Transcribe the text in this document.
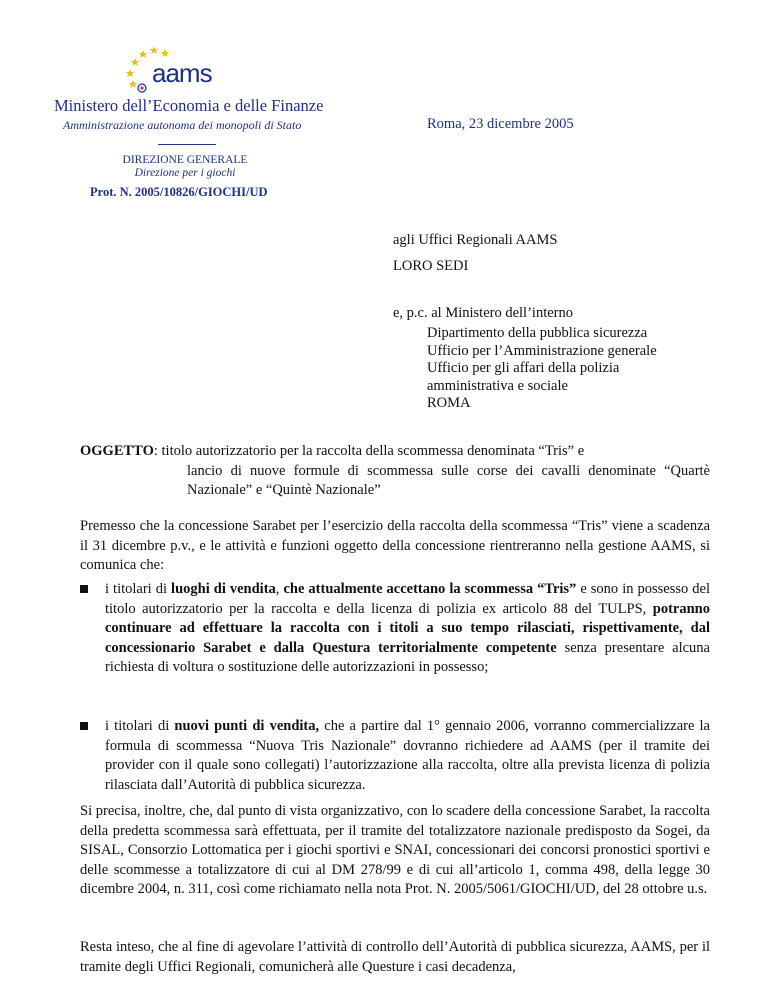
aams
Ministero dell’Economia e delle Finanze
Amministrazione autonoma dei monopoli di Stato	Roma, 23 dicembre 2005
DIREZIONE GENERALE
Direzione per i giochi
Prot. N. 2005/10826/GIOCHI/UD
agli Uffici Regionali AAMS
LORO SEDI
e, p.c. al Ministero dell’interno
Dipartimento della pubblica sicurezza
Ufficio per l’Amministrazione generale
Ufficio per gli affari della polizia
amministrativa e sociale
ROMA
OGGETTO: titolo autorizzatorio per la raccolta della scommessa denominata “Tris” e
lancio di nuove formule di scommessa sulle corse dei cavalli denominate “Quartè Nazionale” e “Quintè Nazionale”
Premesso che la concessione Sarabet per l’esercizio della raccolta della scommessa “Tris” viene a scadenza il 31 dicembre p.v., e le attività e funzioni oggetto della concessione rientreranno nella gestione AAMS, si comunica che:
i titolari di luoghi di vendita, che attualmente accettano la scommessa “Tris” e sono in possesso del titolo autorizzatorio per la raccolta e della licenza di polizia ex articolo 88 del TULPS, potranno continuare ad effettuare la raccolta con i titoli a suo tempo rilasciati, rispettivamente, dal concessionario Sarabet e dalla Questura territorialmente competente senza presentare alcuna richiesta di voltura o sostituzione delle autorizzazioni in possesso;
i titolari di nuovi punti di vendita, che a partire dal 1° gennaio 2006, vorranno commercializzare la formula di scommessa “Nuova Tris Nazionale” dovranno richiedere ad AAMS (per il tramite dei provider con il quale sono collegati) l’autorizzazione alla raccolta, oltre alla prevista licenza di polizia rilasciata dall’Autorità di pubblica sicurezza.
Si precisa, inoltre, che, dal punto di vista organizzativo, con lo scadere della concessione Sarabet, la raccolta della predetta scommessa sarà effettuata, per il tramite del totalizzatore nazionale predisposto da Sogei, da SISAL, Consorzio Lottomatica per i giochi sportivi e SNAI, concessionari dei concorsi pronostici sportivi e delle scommesse a totalizzatore di cui al DM 278/99 e di cui all’articolo 1, comma 498, della legge 30 dicembre 2004, n. 311, così come richiamato nella nota Prot. N. 2005/5061/GIOCHI/UD, del 28 ottobre u.s.
Resta inteso, che al fine di agevolare l’attività di controllo dell’Autorità di pubblica sicurezza, AAMS, per il tramite degli Uffici Regionali, comunicherà alle Questure i casi decadenza,
